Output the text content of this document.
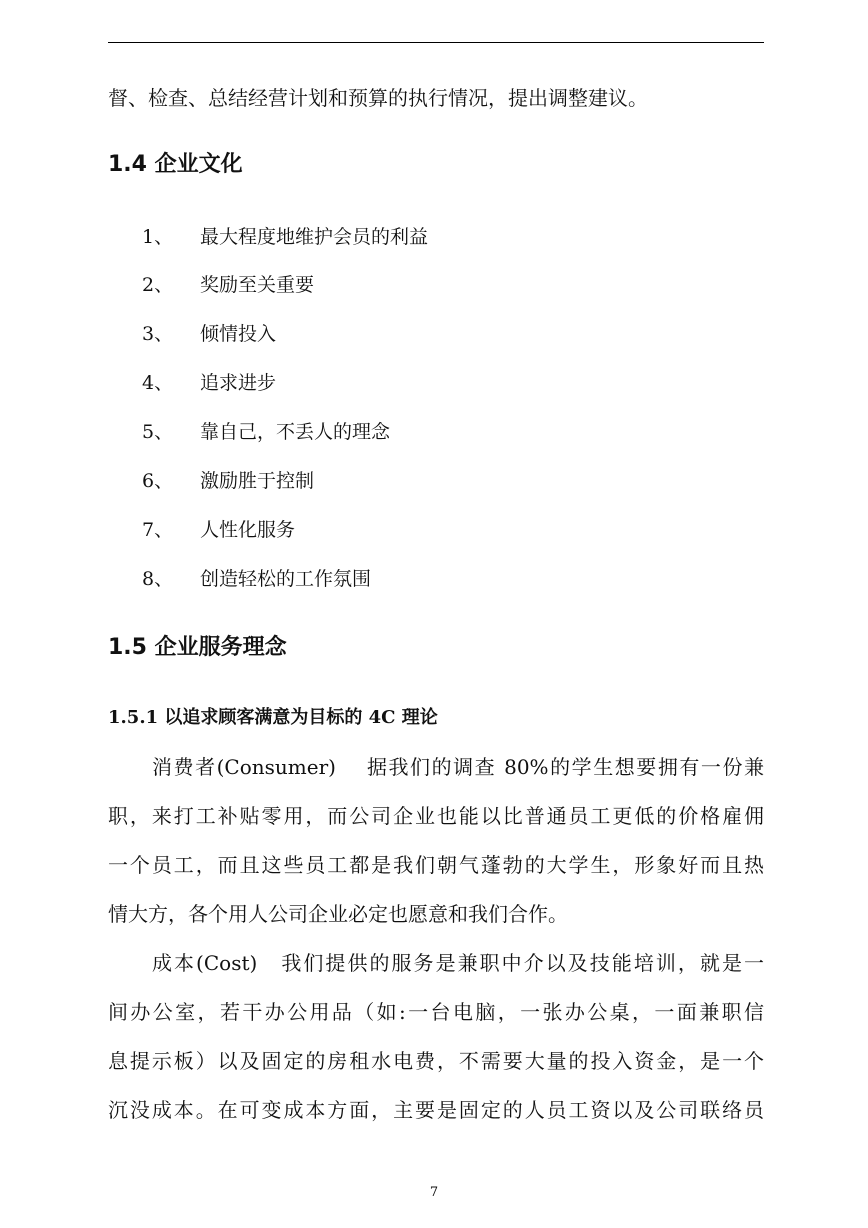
督、检查、总结经营计划和预算的执行情况，提出调整建议。
1.4 企业文化
1、 最大程度地维护会员的利益
2、 奖励至关重要
3、 倾情投入
4、 追求进步
5、 靠自己，不丢人的理念
6、 激励胜于控制
7、 人性化服务
8、 创造轻松的工作氛围
1.5 企业服务理念
1.5.1 以追求顾客满意为目标的 4C 理论
消费者(Consumer)　 据我们的调查 80%的学生想要拥有一份兼
职，来打工补贴零用，而公司企业也能以比普通员工更低的价格雇佣
一个员工，而且这些员工都是我们朝气蓬勃的大学生，形象好而且热
情大方，各个用人公司企业必定也愿意和我们合作。
成本(Cost)　我们提供的服务是兼职中介以及技能培训，就是一
间办公室，若干办公用品（如:一台电脑，一张办公桌，一面兼职信
息提示板）以及固定的房租水电费，不需要大量的投入资金，是一个
沉没成本。在可变成本方面，主要是固定的人员工资以及公司联络员
7
